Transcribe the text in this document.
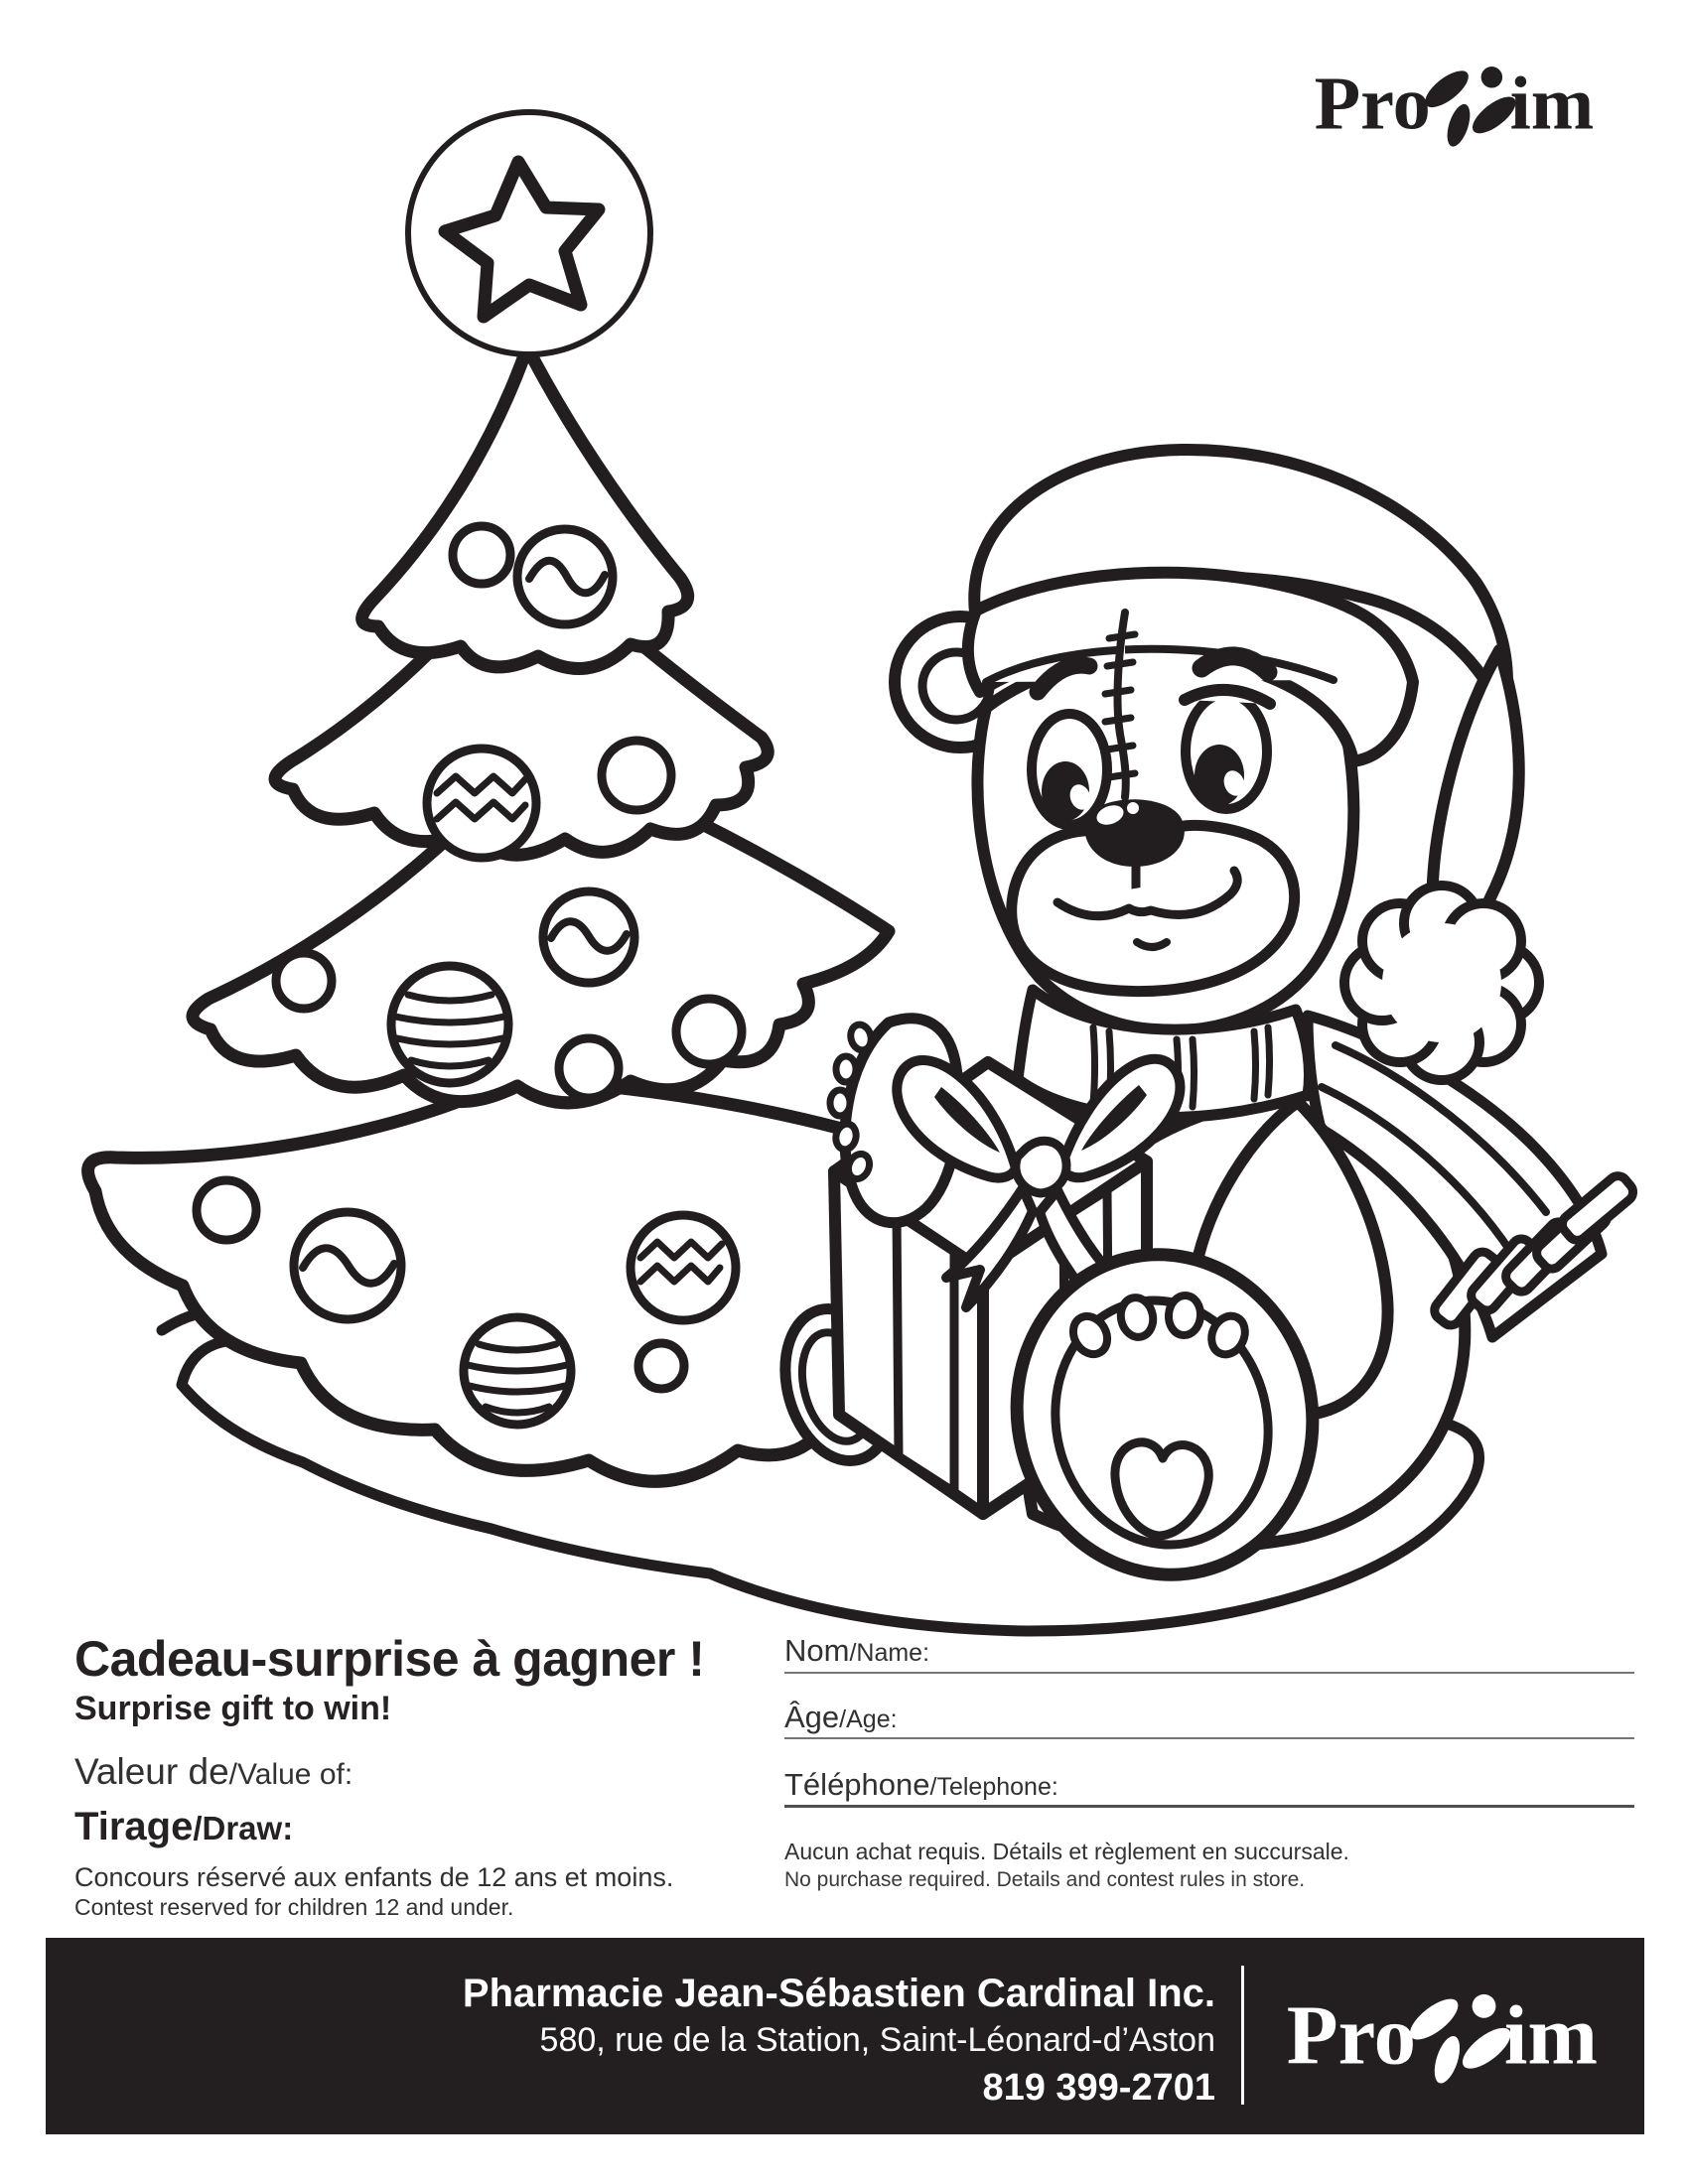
Pro im
Cadeau-surprise à gagner !
Surprise gift to win!
Valeur de/Value of:
Tirage/Draw:
Concours réservé aux enfants de 12 ans et moins.
Contest reserved for children 12 and under.
Nom/Name:
Âge/Age:
Téléphone/Telephone:
Aucun achat requis. Détails et règlement en succursale.
No purchase required. Details and contest rules in store.
Pharmacie Jean-Sébastien Cardinal Inc.
580, rue de la Station, Saint-Léonard-d’Aston
819 399-2701
Pro im
